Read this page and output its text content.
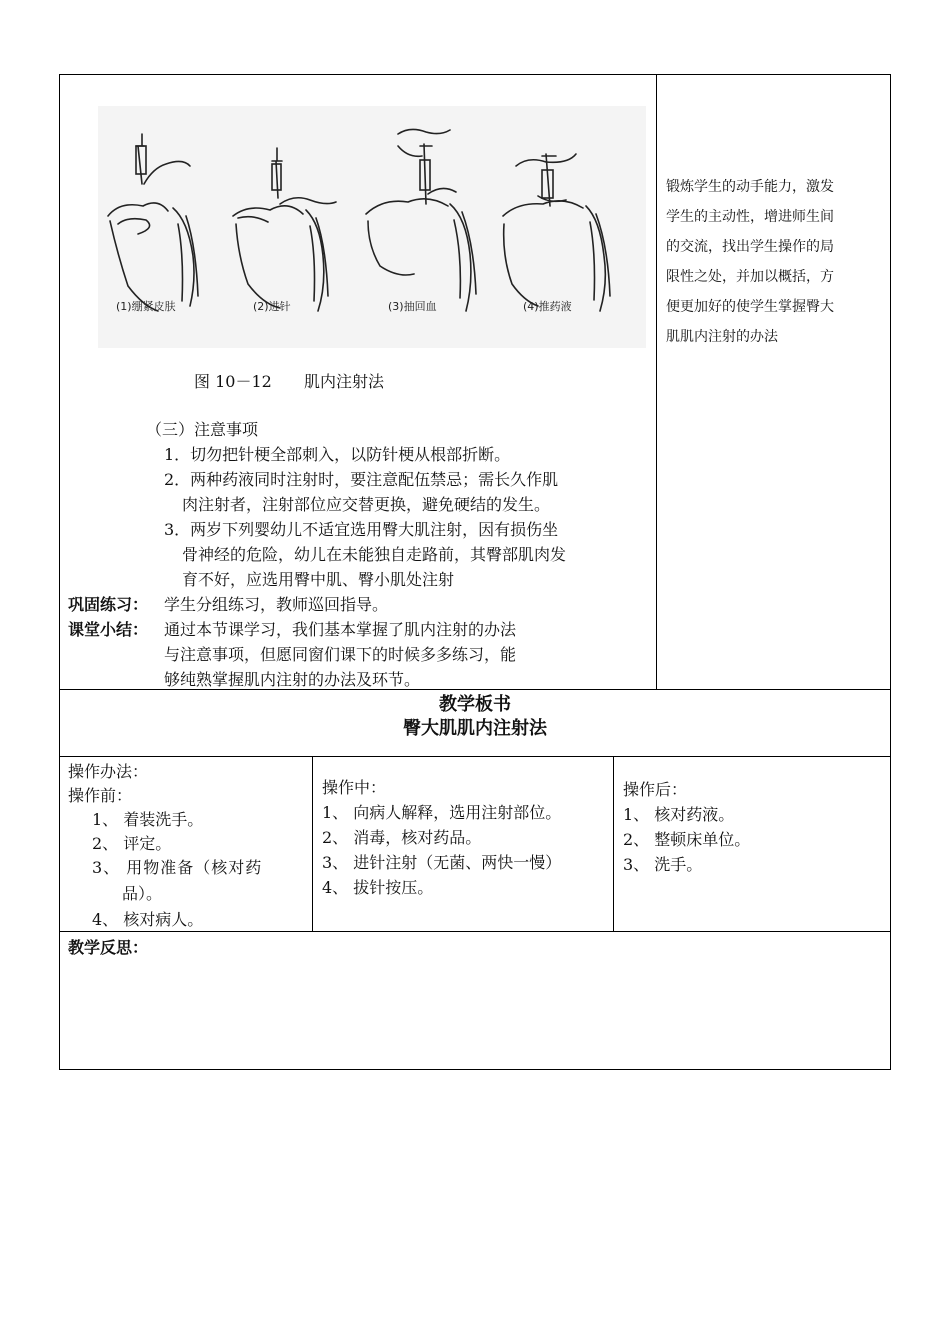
(1)绷紧皮肤	(2)进针	(3)抽回血	(4)推药液
图 10－12 肌内注射法
（三）注意事项
1．切勿把针梗全部刺入，以防针梗从根部折断。
2．两种药液同时注射时，要注意配伍禁忌；需长久作肌
肉注射者，注射部位应交替更换，避免硬结的发生。
3．两岁下列婴幼儿不适宜选用臀大肌注射，因有损伤坐
骨神经的危险，幼儿在未能独自走路前，其臀部肌肉发
育不好，应选用臀中肌、臀小肌处注射
巩固练习： 学生分组练习，教师巡回指导。
课堂小结： 通过本节课学习，我们基本掌握了肌内注射的办法
与注意事项，但愿同窗们课下的时候多多练习，能
够纯熟掌握肌内注射的办法及环节。

锻炼学生的动手能力，激发

学生的主动性，增进师生间

的交流，找出学生操作的局

限性之处，并加以概括，方

便更加好的使学生掌握臀大

肌肌内注射的办法

教学板书
臀大肌肌内注射法
操作办法：
操作前：
1、 着装洗手。
2、 评定。
3、 用物准备（核对药
品）。
4、 核对病人。
操作中：
1、 向病人解释，选用注射部位。
2、 消毒，核对药品。
3、 进针注射（无菌、两快一慢）
4、 拔针按压。
操作后：
1、 核对药液。
2、 整顿床单位。
3、 洗手。
教学反思：
